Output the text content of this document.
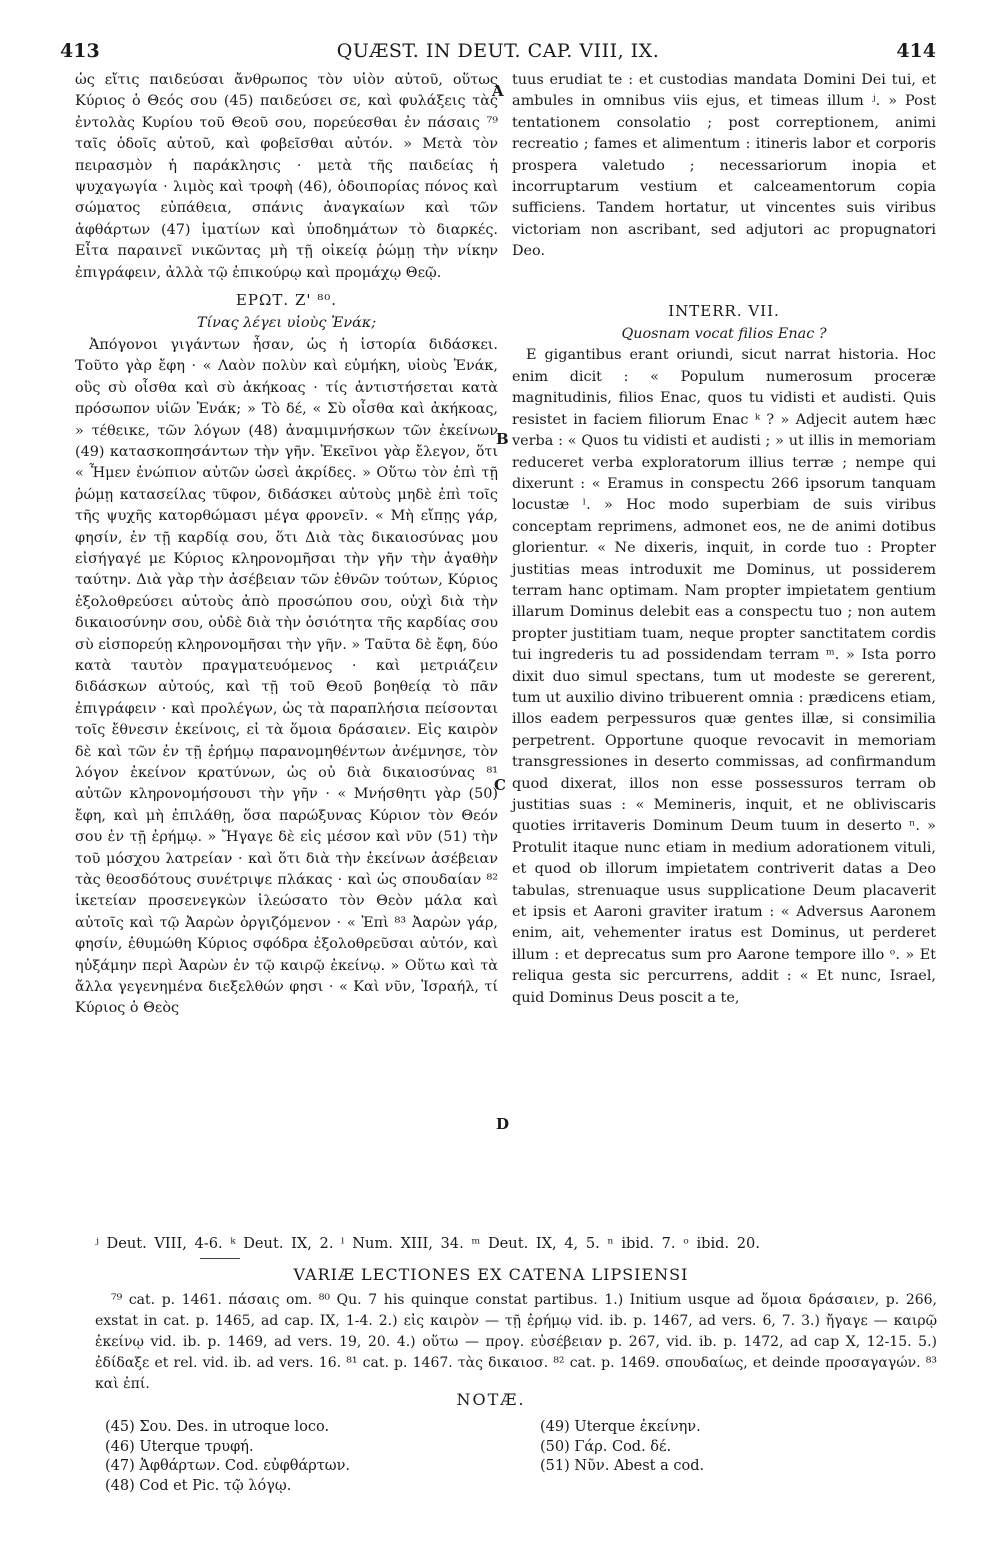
413	QUÆST. IN DEUT. CAP. VIII, IX.	414
A
B
C
D

ὡς εἴτις παιδεύσαι ἄνθρωπος τὸν υἱὸν αὐτοῦ, οὕτως Κύριος ὁ Θεός σου (45) παιδεύσει σε, καὶ φυλάξεις τὰς ἐντολὰς Κυρίου τοῦ Θεοῦ σου, πορεύεσθαι ἐν πάσαις ⁷⁹ ταῖς ὁδοῖς αὐτοῦ, καὶ φοβεῖσθαι αὐτόν. » Μετὰ τὸν πειρασμὸν ἡ παράκλησις · μετὰ τῆς παιδείας ἡ ψυχαγωγία · λιμὸς καὶ τροφὴ (46), ὁδοιπορίας πόνος καὶ σώματος εὐπάθεια, σπάνις ἀναγκαίων καὶ τῶν ἀφθάρτων (47) ἱματίων καὶ ὑποδημάτων τὸ διαρκές. Εἶτα παραινεῖ νικῶντας μὴ τῇ οἰκείᾳ ῥώμῃ τὴν νίκην ἐπιγράφειν, ἀλλὰ τῷ ἐπικούρῳ καὶ προμάχῳ Θεῷ.

ΕΡΩΤ. Ζ' ⁸⁰.

Τίνας λέγει υἱοὺς Ἐνάκ;

Ἀπόγονοι γιγάντων ἦσαν, ὡς ἡ ἱστορία διδάσκει. Τοῦτο γὰρ ἔφη · « Λαὸν πολὺν καὶ εὐμήκη, υἱοὺς Ἐνάκ, οὓς σὺ οἶσθα καὶ σὺ ἀκήκοας · τίς ἀντιστήσεται κατὰ πρόσωπον υἱῶν Ἐνάκ; » Τὸ δέ, « Σὺ οἶσθα καὶ ἀκήκοας, » τέθεικε, τῶν λόγων (48) ἀναμιμνήσκων τῶν ἐκείνων (49) κατασκοπησάντων τὴν γῆν. Ἐκεῖνοι γὰρ ἔλεγον, ὅτι « Ἦμεν ἐνώπιον αὐτῶν ὡσεὶ ἀκρίδες. » Οὕτω τὸν ἐπὶ τῇ ῥώμῃ κατασείλας τῦφον, διδάσκει αὐτοὺς μηδὲ ἐπὶ τοῖς τῆς ψυχῆς κατορθώμασι μέγα φρονεῖν. « Μὴ εἴπῃς γάρ, φησίν, ἐν τῇ καρδίᾳ σου, ὅτι Διὰ τὰς δικαιοσύνας μου εἰσήγαγέ με Κύριος κληρονομῆσαι τὴν γῆν τὴν ἀγαθὴν ταύτην. Διὰ γὰρ τὴν ἀσέβειαν τῶν ἐθνῶν τούτων, Κύριος ἐξολοθρεύσει αὐτοὺς ἀπὸ προσώπου σου, οὐχὶ διὰ τὴν δικαιοσύνην σου, οὐδὲ διὰ τὴν ὁσιότητα τῆς καρδίας σου σὺ εἰσπορεύῃ κληρονομῆσαι τὴν γῆν. » Ταῦτα δὲ ἔφη, δύο κατὰ ταυτὸν πραγματευόμενος · καὶ μετριάζειν διδάσκων αὐτούς, καὶ τῇ τοῦ Θεοῦ βοηθείᾳ τὸ πᾶν ἐπιγράφειν · καὶ προλέγων, ὡς τὰ παραπλήσια πείσονται τοῖς ἔθνεσιν ἐκείνοις, εἰ τὰ ὅμοια δράσαιεν. Εἰς καιρὸν δὲ καὶ τῶν ἐν τῇ ἐρήμῳ παρανομηθέντων ἀνέμνησε, τὸν λόγον ἐκείνον κρατύνων, ὡς οὐ διὰ δικαιοσύνας ⁸¹ αὐτῶν κληρονομήσουσι τὴν γῆν · « Μνήσθητι γὰρ (50) ἔφη, καὶ μὴ ἐπιλάθῃ, ὅσα παρώξυνας Κύριον τὸν Θεόν σου ἐν τῇ ἐρήμῳ. » Ἤγαγε δὲ εἰς μέσον καὶ νῦν (51) τὴν τοῦ μόσχου λατρείαν · καὶ ὅτι διὰ τὴν ἐκείνων ἀσέβειαν τὰς θεοσδότους συνέτριψε πλάκας · καὶ ὡς σπουδαίαν ⁸² ἱκετείαν προσενεγκὼν ἱλεώσατο τὸν Θεὸν μάλα καὶ αὐτοῖς καὶ τῷ Ἀαρὼν ὀργιζόμενον · « Ἐπὶ ⁸³ Ἀαρὼν γάρ, φησίν, ἐθυμώθη Κύριος σφόδρα ἐξολοθρεῦσαι αὐτόν, καὶ ηὐξάμην περὶ Ἀαρὼν ἐν τῷ καιρῷ ἐκείνῳ. » Οὕτω καὶ τὰ ἄλλα γεγενημένα διεξελθών φησι · « Καὶ νῦν, Ἰσραήλ, τί Κύριος ὁ Θεὸς

tuus erudiat te : et custodias mandata Domini Dei tui, et ambules in omnibus viis ejus, et timeas illum ʲ. » Post tentationem consolatio ; post correptionem, animi recreatio ; fames et alimentum : itineris labor et corporis prospera valetudo ; necessariorum inopia et incorruptarum vestium et calceamentorum copia sufficiens. Tandem hortatur, ut vincentes suis viribus victoriam non ascribant, sed adjutori ac propugnatori Deo.

INTERR. VII.

Quosnam vocat filios Enac ?

E gigantibus erant oriundi, sicut narrat historia. Hoc enim dicit : « Populum numerosum proceræ magnitudinis, filios Enac, quos tu vidisti et audisti. Quis resistet in faciem filiorum Enac ᵏ ? » Adjecit autem hæc verba : « Quos tu vidisti et audisti ; » ut illis in memoriam reduceret verba exploratorum illius terræ ; nempe qui dixerunt : « Eramus in conspectu 266 ipsorum tanquam locustæ ˡ. » Hoc modo superbiam de suis viribus conceptam reprimens, admonet eos, ne de animi dotibus glorientur. « Ne dixeris, inquit, in corde tuo : Propter justitias meas introduxit me Dominus, ut possiderem terram hanc optimam. Nam propter impietatem gentium illarum Dominus delebit eas a conspectu tuo ; non autem propter justitiam tuam, neque propter sanctitatem cordis tui ingrederis tu ad possidendam terram ᵐ. » Ista porro dixit duo simul spectans, tum ut modeste se gererent, tum ut auxilio divino tribuerent omnia : prædicens etiam, illos eadem perpessuros quæ gentes illæ, si consimilia perpetrent. Opportune quoque revocavit in memoriam transgressiones in deserto commissas, ad confirmandum quod dixerat, illos non esse possessuros terram ob justitias suas : « Memineris, inquit, et ne obliviscaris quoties irritaveris Dominum Deum tuum in deserto ⁿ. » Protulit itaque nunc etiam in medium adorationem vituli, et quod ob illorum impietatem contriverit datas a Deo tabulas, strenuaque usus supplicatione Deum placaverit et ipsis et Aaroni graviter iratum : « Adversus Aaronem enim, ait, vehementer iratus est Dominus, ut perderet illum : et deprecatus sum pro Aarone tempore illo ᵒ. » Et reliqua gesta sic percurrens, addit : « Et nunc, Israel, quid Dominus Deus poscit a te,

ʲ Deut. VIII, 4-6. ᵏ Deut. IX, 2. ˡ Num. XIII, 34. ᵐ Deut. IX, 4, 5. ⁿ ibid. 7. ᵒ ibid. 20.
VARIÆ LECTIONES EX CATENA LIPSIENSI

⁷⁹ cat. p. 1461. πάσαις om. ⁸⁰ Qu. 7 his quinque constat partibus. 1.) Initium usque ad ὅμοια δράσαιεν, p. 266, exstat in cat. p. 1465, ad cap. IX, 1-4. 2.) εἰς καιρὸν — τῇ ἐρήμῳ vid. ib. p. 1467, ad vers. 6, 7. 3.) ἤγαγε — καιρῷ ἐκείνῳ vid. ib. p. 1469, ad vers. 19, 20. 4.) οὕτω — προγ. εὐσέβειαν p. 267, vid. ib. p. 1472, ad cap X, 12-15. 5.) ἐδίδαξε et rel. vid. ib. ad vers. 16. ⁸¹ cat. p. 1467. τὰς δικαιοσ. ⁸² cat. p. 1469. σπουδαίως, et deinde προσαγαγών. ⁸³ καὶ ἐπί.

NOTÆ.
(45) Σου. Des. in utroque loco.
(46) Uterque τρυφή.
(47) Ἀφθάρτων. Cod. εὐφθάρτων.
(48) Cod et Pic. τῷ λόγῳ.
(49) Uterque ἐκείνην.
(50) Γάρ. Cod. δέ.
(51) Νῦν. Abest a cod.
